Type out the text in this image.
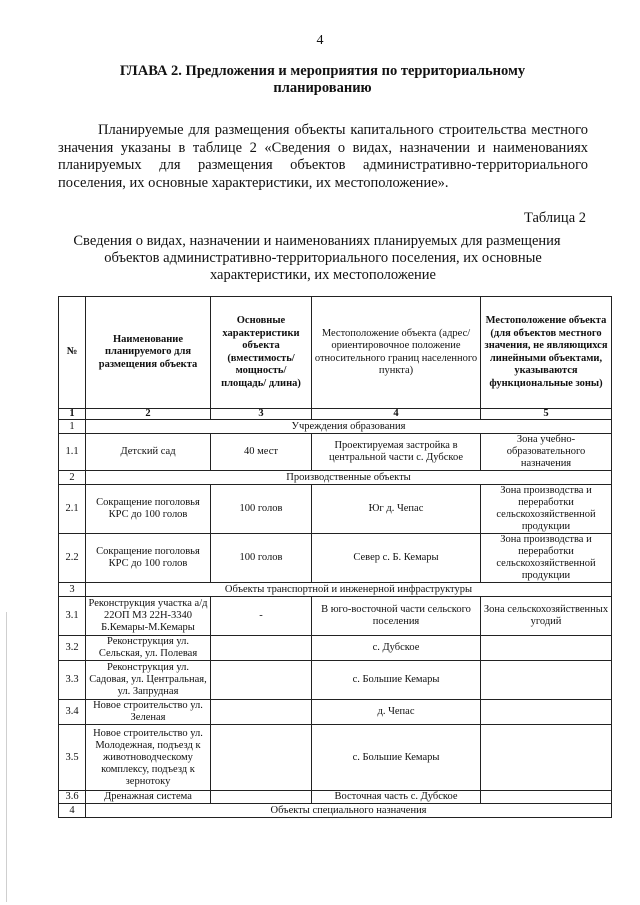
4
ГЛАВА 2. Предложения и мероприятия по территориальному планированию
Планируемые для размещения объекты капитального строительства местного значения указаны в таблице 2 «Сведения о видах, назначении и наименованиях планируемых для размещения объектов административно-территориального поселения, их основные характеристики, их местоположение».
Таблица 2
Сведения о видах, назначении и наименованиях планируемых для размещения объектов административно-территориального поселения, их основные характеристики, их местоположение
№	Наименование планируемого для размещения объекта	Основные характеристики объекта (вместимость/ мощность/ площадь/ длина)	Местоположение объекта (адрес/ориентировочное положение относительного границ населенного пункта)	Местоположение объекта (для объектов местного значения, не являющихся линейными объектами, указываются функциональные зоны)
1	2	3	4	5
1	Учреждения образования			
1.1	Детский сад	40 мест	Проектируемая застройка в центральной части с. Дубское	Зона учебно-образовательного назначения
2	Производственные объекты			
2.1	Сокращение поголовья КРС до 100 голов	100 голов	Юг д. Чепас	Зона производства и переработки сельскохозяйственной продукции
2.2	Сокращение поголовья КРС до 100 голов	100 голов	Север с. Б. Кемары	Зона производства и переработки сельскохозяйственной продукции
3	Объекты транспортной и инженерной инфраструктуры			
3.1	Реконструкция участка а/д 22ОП МЗ 22Н-3340 Б.Кемары-М.Кемары	-	В юго-восточной части сельского поселения	Зона сельскохозяйственных угодий
3.2	Реконструкция ул. Сельская, ул. Полевая		с. Дубское	
3.3	Реконструкция ул. Садовая, ул. Центральная, ул. Запрудная		с. Большие Кемары	
3.4	Новое строительство ул. Зеленая		д. Чепас	
3.5	Новое строительство ул. Молодежная, подъезд к животноводческому комплексу, подъезд к зернотоку		с. Большие Кемары	
3.6	Дренажная система		Восточная часть с. Дубское	
4	Объекты специального назначения			
